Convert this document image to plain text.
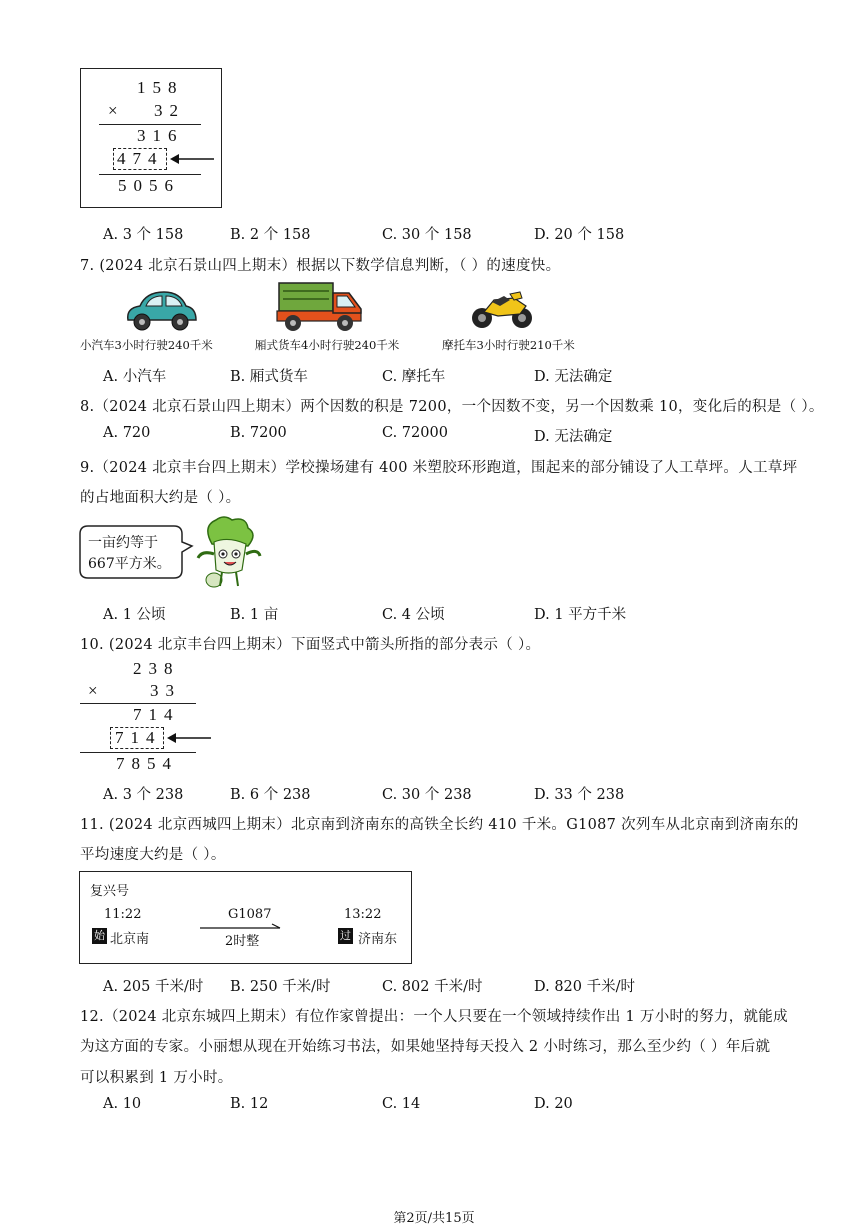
158
× 32
316
474
5056
A. 3 个 158	B. 2 个 158	C. 30 个 158	D. 20 个 158
7. (2024 北京石景山四上期末）根据以下数学信息判断，（ ）的速度快。
小汽车3小时行驶240千米	厢式货车4小时行驶240千米	摩托车3小时行驶210千米
A. 小汽车	B. 厢式货车	C. 摩托车	D. 无法确定
8.（2024 北京石景山四上期末）两个因数的积是 7200，一个因数不变，另一个因数乘 10，变化后的积是（ ）。
A. 720	B. 7200	C. 72000	D. 无法确定
9.（2024 北京丰台四上期末）学校操场建有 400 米塑胶环形跑道，围起来的部分铺设了人工草坪。人工草坪
的占地面积大约是（ ）。
一亩约等于
667平方米。
A. 1 公顷	B. 1 亩	C. 4 公顷	D. 1 平方千米
10. (2024 北京丰台四上期末）下面竖式中箭头所指的部分表示（ ）。
238
×	33
714
714
7854
A. 3 个 238	B. 6 个 238	C. 30 个 238	D. 33 个 238
11. (2024 北京西城四上期末）北京南到济南东的高铁全长约 410 千米。G1087 次列车从北京南到济南东的
平均速度大约是（ ）。
复兴号
11:22	G1087	13:22
始 北京南	2时整	过 济南东
A. 205 千米/时 B. 250 千米/时	C. 802 千米/时	D. 820 千米/时
12.（2024 北京东城四上期末）有位作家曾提出：一个人只要在一个领域持续作出 1 万小时的努力，就能成
为这方面的专家。小丽想从现在开始练习书法，如果她坚持每天投入 2 小时练习，那么至少约（ ）年后就
可以积累到 1 万小时。
A. 10	B. 12	C. 14	D. 20
第2页/共15页
